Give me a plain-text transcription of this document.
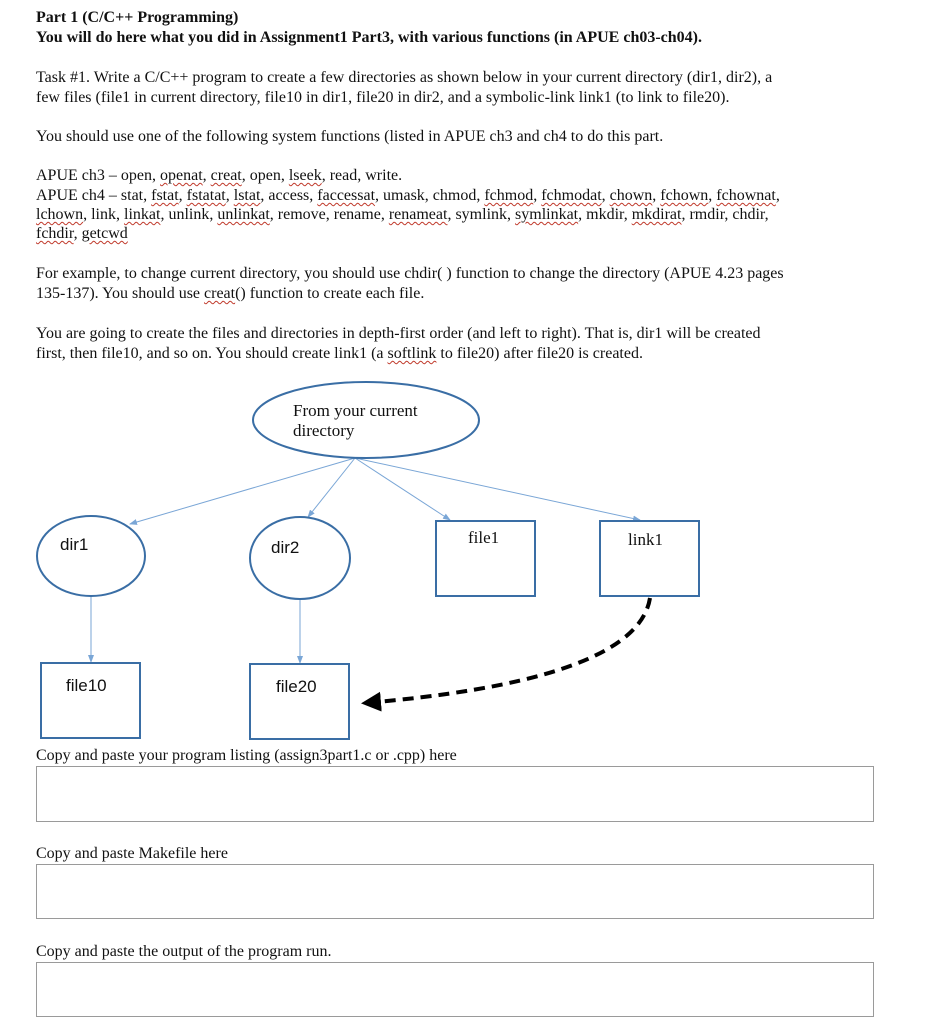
Part 1 (C/C++ Programming)
You will do here what you did in Assignment1 Part3, with various functions (in APUE ch03-ch04).
Task #1. Write a C/C++ program to create a few directories as shown below in your current directory (dir1, dir2), a
few files (file1 in current directory, file10 in dir1, file20 in dir2, and a symbolic-link link1 (to link to file20).
You should use one of the following system functions (listed in APUE ch3 and ch4 to do this part.
APUE ch3 – open, openat, creat, open, lseek, read, write.
APUE ch4 – stat, fstat, fstatat, lstat, access, faccessat, umask, chmod, fchmod, fchmodat, chown, fchown, fchownat,
lchown, link, linkat, unlink, unlinkat, remove, rename, renameat, symlink, symlinkat, mkdir, mkdirat, rmdir, chdir,
fchdir, getcwd
For example, to change current directory, you should use chdir( ) function to change the directory (APUE 4.23 pages
135-137). You should use creat() function to create each file.
You are going to create the files and directories in depth-first order (and left to right). That is, dir1 will be created
first, then file10, and so on. You should create link1 (a softlink to file20) after file20 is created.
From your current
directory
dir1	dir2
file1	link1
file10	file20
Copy and paste your program listing (assign3part1.c or .cpp) here
Copy and paste Makefile here
Copy and paste the output of the program run.
